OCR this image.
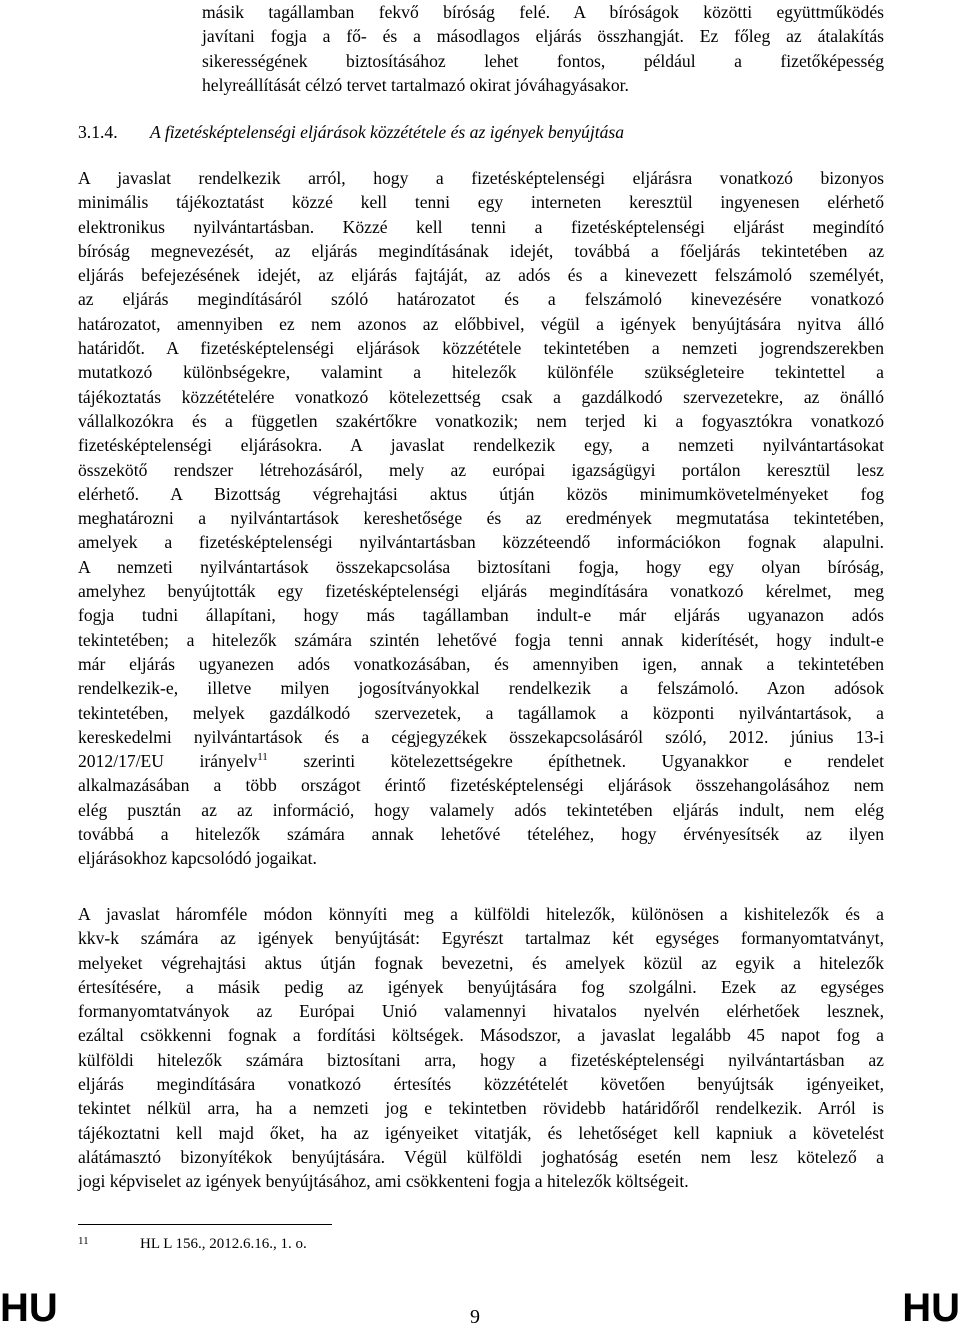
másik tagállamban fekvő bíróság felé. A bíróságok közötti együttműködés
javítani fogja a fő- és a másodlagos eljárás összhangját. Ez főleg az átalakítás
sikerességének biztosításához lehet fontos, például a fizetőképesség
helyreállítását célzó tervet tartalmazó okirat jóváhagyásakor.

3.1.4. A fizetésképtelenségi eljárások közzététele és az igények benyújtása

A javaslat rendelkezik arról, hogy a fizetésképtelenségi eljárásra vonatkozó bizonyos
minimális tájékoztatást közzé kell tenni egy interneten keresztül ingyenesen elérhető
elektronikus nyilvántartásban. Közzé kell tenni a fizetésképtelenségi eljárást megindító
bíróság megnevezését, az eljárás megindításának idejét, továbbá a főeljárás tekintetében az
eljárás befejezésének idejét, az eljárás fajtáját, az adós és a kinevezett felszámoló személyét,
az eljárás megindításáról szóló határozatot és a felszámoló kinevezésére vonatkozó
határozatot, amennyiben ez nem azonos az előbbivel, végül a igények benyújtására nyitva álló
határidőt. A fizetésképtelenségi eljárások közzététele tekintetében a nemzeti jogrendszerekben
mutatkozó különbségekre, valamint a hitelezők különféle szükségleteire tekintettel a
tájékoztatás közzétételére vonatkozó kötelezettség csak a gazdálkodó szervezetekre, az önálló
vállalkozókra és a független szakértőkre vonatkozik; nem terjed ki a fogyasztókra vonatkozó
fizetésképtelenségi eljárásokra. A javaslat rendelkezik egy, a nemzeti nyilvántartásokat
összekötő rendszer létrehozásáról, mely az európai igazságügyi portálon keresztül lesz
elérhető. A Bizottság végrehajtási aktus útján közös minimumkövetelményeket fog
meghatározni a nyilvántartások kereshetősége és az eredmények megmutatása tekintetében,
amelyek a fizetésképtelenségi nyilvántartásban közzéteendő információkon fognak alapulni.
A nemzeti nyilvántartások összekapcsolása biztosítani fogja, hogy egy olyan bíróság,
amelyhez benyújtották egy fizetésképtelenségi eljárás megindítására vonatkozó kérelmet, meg
fogja tudni állapítani, hogy más tagállamban indult-e már eljárás ugyanazon adós
tekintetében; a hitelezők számára szintén lehetővé fogja tenni annak kiderítését, hogy indult-e
már eljárás ugyanezen adós vonatkozásában, és amennyiben igen, annak a tekintetében
rendelkezik-e, illetve milyen jogosítványokkal rendelkezik a felszámoló. Azon adósok
tekintetében, melyek gazdálkodó szervezetek, a tagállamok a központi nyilvántartások, a
kereskedelmi nyilvántartások és a cégjegyzékek összekapcsolásáról szóló, 2012. június 13-i
2012/17/EU irányelv$^{11}$ szerinti kötelezettségekre építhetnek. Ugyanakkor e rendelet
alkalmazásában a több országot érintő fizetésképtelenségi eljárások összehangolásához nem
elég pusztán az az információ, hogy valamely adós tekintetében eljárás indult, nem elég
továbbá a hitelezők számára annak lehetővé tételéhez, hogy érvényesítsék az ilyen
eljárásokhoz kapcsolódó jogaikat.

A javaslat háromféle módon könnyíti meg a külföldi hitelezők, különösen a kishitelezők és a
kkv-k számára az igények benyújtását: Egyrészt tartalmaz két egységes formanyomtatványt,
melyeket végrehajtási aktus útján fognak bevezetni, és amelyek közül az egyik a hitelezők
értesítésére, a másik pedig az igények benyújtására fog szolgálni. Ezek az egységes
formanyomtatványok az Európai Unió valamennyi hivatalos nyelvén elérhetőek lesznek,
ezáltal csökkenni fognak a fordítási költségek. Másodszor, a javaslat legalább 45 napot fog a
külföldi hitelezők számára biztosítani arra, hogy a fizetésképtelenségi nyilvántartásban az
eljárás megindítására vonatkozó értesítés közzétételét követően benyújtsák igényeiket,
tekintet nélkül arra, ha a nemzeti jog e tekintetben rövidebb határidőről rendelkezik. Arról is
tájékoztatni kell majd őket, ha az igényeiket vitatják, és lehetőséget kell kapniuk a követelést
alátámasztó bizonyítékok benyújtására. Végül külföldi joghatóság esetén nem lesz kötelező a
jogi képviselet az igények benyújtásához, ami csökkenteni fogja a hitelezők költségeit.

11	HL L 156., 2012.6.16., 1. o.
HU	9	HU
